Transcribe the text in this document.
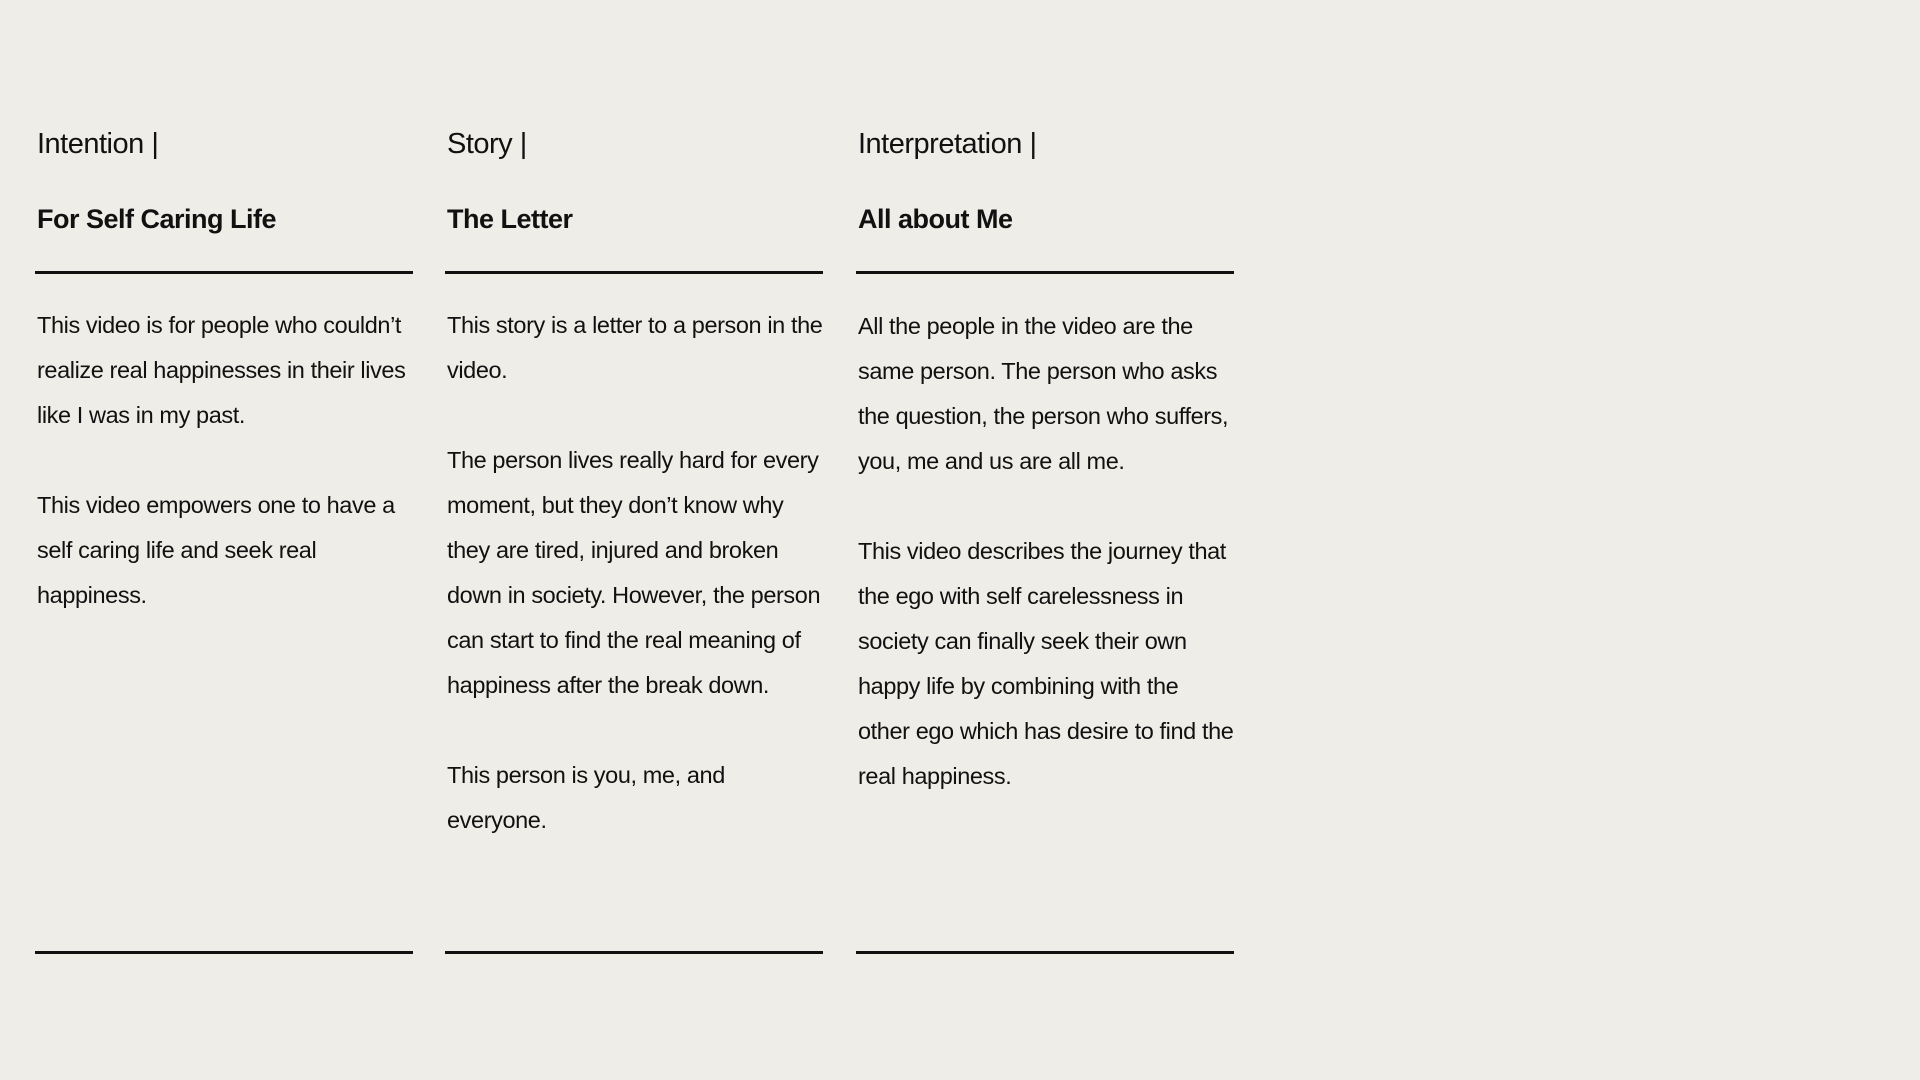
Intention |
For Self Caring Life

This video is for people who couldn’t realize real happinesses in their lives like I was in my past.

This video empowers one to have a self caring life and seek real happiness.

Story |
The Letter

This story is a letter to a person in the video.

The person lives really hard for every moment, but they don’t know why they are tired, injured and broken down in society. However, the person can start to find the real meaning of happiness after the break down.

This person is you, me, and everyone.

Interpretation |
All about Me

All the people in the video are the same person. The person who asks the question, the person who suffers, you, me and us are all me.

This video describes the journey that the ego with self carelessness in society can finally seek their own happy life by combining with the other ego which has desire to find the real happiness.
